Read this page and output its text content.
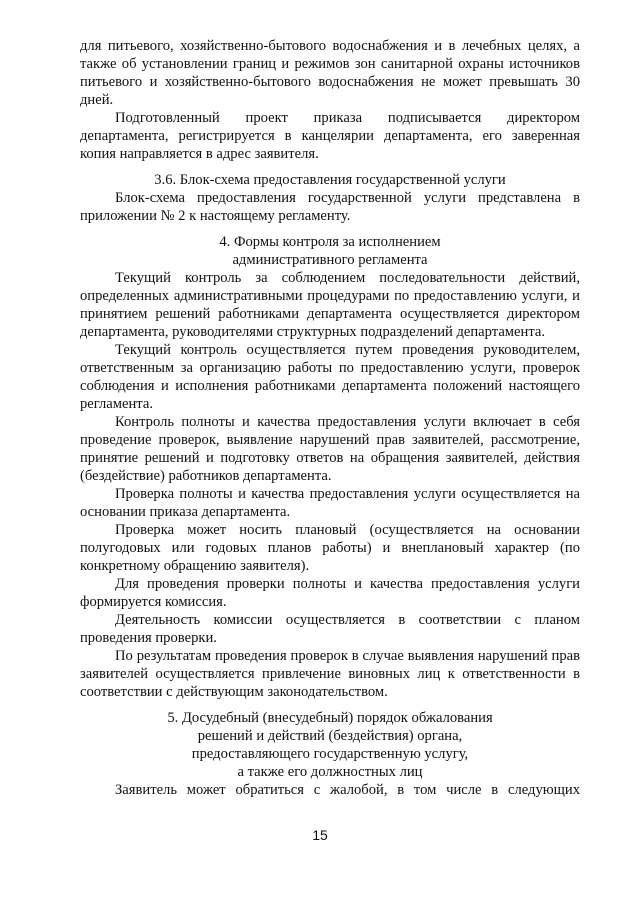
для питьевого, хозяйственно-бытового водоснабжения и в лечебных целях, а также об установлении границ и режимов зон санитарной охраны источников питьевого и хозяйственно-бытового водоснабжения не может превышать 30 дней.

Подготовленный проект приказа подписывается директором департамента, регистрируется в канцелярии департамента, его заверенная копия направляется в адрес заявителя.

3.6. Блок-схема предоставления государственной услуги

Блок-схема предоставления государственной услуги представлена в приложении № 2 к настоящему регламенту.

4. Формы контроля за исполнением

административного регламента

Текущий контроль за соблюдением последовательности действий, определенных административными процедурами по предоставлению услуги, и принятием решений работниками департамента осуществляется директором департамента, руководителями структурных подразделений департамента.

Текущий контроль осуществляется путем проведения руководителем, ответственным за организацию работы по предоставлению услуги, проверок соблюдения и исполнения работниками департамента положений настоящего регламента.

Контроль полноты и качества предоставления услуги включает в себя проведение проверок, выявление нарушений прав заявителей, рассмотрение, принятие решений и подготовку ответов на обращения заявителей, действия (бездействие) работников департамента.

Проверка полноты и качества предоставления услуги осуществляется на основании приказа департамента.

Проверка может носить плановый (осуществляется на основании полугодовых или годовых планов работы) и внеплановый характер (по конкретному обращению заявителя).

Для проведения проверки полноты и качества предоставления услуги формируется комиссия.

Деятельность комиссии осуществляется в соответствии с планом проведения проверки.

По результатам проведения проверок в случае выявления нарушений прав заявителей осуществляется привлечение виновных лиц к ответственности в соответствии с действующим законодательством.

5. Досудебный (внесудебный) порядок обжалования

решений и действий (бездействия) органа,

предоставляющего государственную услугу,

а также его должностных лиц

Заявитель может обратиться с жалобой, в том числе в следующих

15
